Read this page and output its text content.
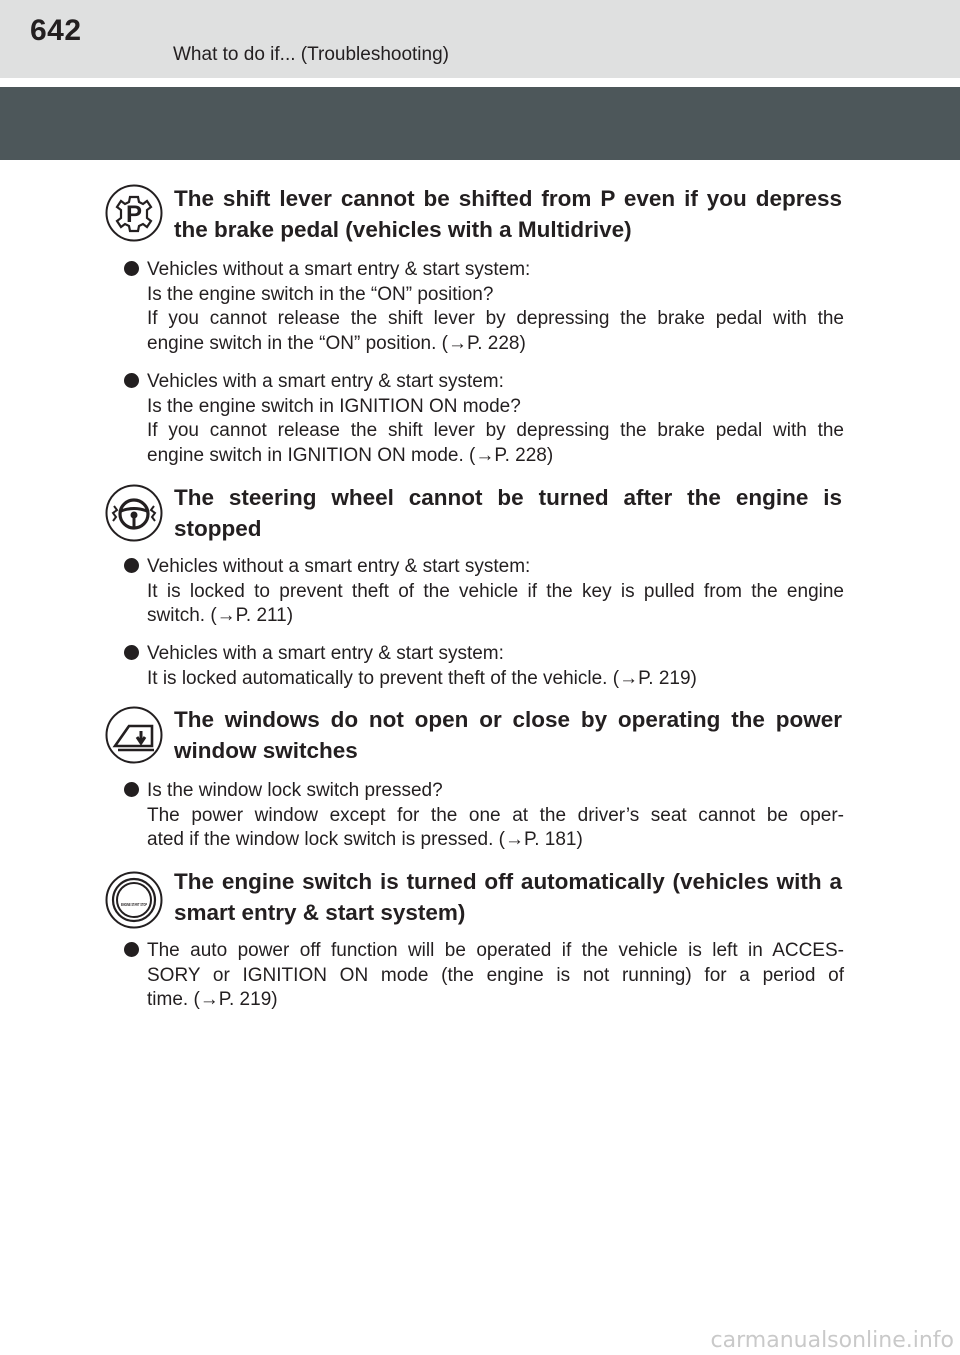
642
What to do if... (Troubleshooting)
P
The shift lever cannot be shifted from P even if you depress the brake pedal (vehicles with a Multidrive)
Vehicles without a smart entry & start system:
Is the engine switch in the “ON” position?
If you cannot release the shift lever by depressing the brake pedal with the
engine switch in the “ON” position. (→P. 228)
Vehicles with a smart entry & start system:
Is the engine switch in IGNITION ON mode?
If you cannot release the shift lever by depressing the brake pedal with the
engine switch in IGNITION ON mode. (→P. 228)
The steering wheel cannot be turned after the engine is stopped
Vehicles without a smart entry & start system:
It is locked to prevent theft of the vehicle if the key is pulled from the engine
switch. (→P. 211)
Vehicles with a smart entry & start system:
It is locked automatically to prevent theft of the vehicle. (→P. 219)
The windows do not open or close by operating the power window switches
Is the window lock switch pressed?
The power window except for the one at the driver’s seat cannot be oper-
ated if the window lock switch is pressed. (→P. 181)
ENGINE START STOP
The engine switch is turned off automatically (vehicles with a smart entry & start system)
The auto power off function will be operated if the vehicle is left in ACCES-
SORY or IGNITION ON mode (the engine is not running) for a period of
time. (→P. 219)
carmanualsonline.info
